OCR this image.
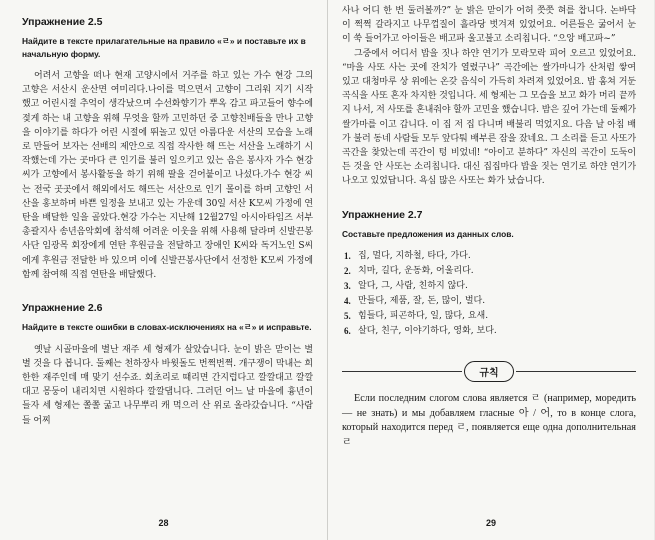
Упражнение 2.5

Найдите в тексте прилагательные на правило «ㄹ» и поставьте их в начальную форму.

어려서 고향을 떠나 현재 고양시에서 거주를 하고 있는 가수 현강 그의 고향은 서산시 운산면 여미리다.나이를 먹으면서 고향이 그리워 지기 시작했고 어린시절 추억이 생각났으며 수선화향기가 뿌옥 감고 파고들어 향수에 젖게 하는 내 고향을 위해 무엇을 할까 고민하던 중 고향친배들을 만나 고향을 이야기를 하다가 어린 시절에 뛰놀고 있던 아름다운 서산의 모습을 노래로 만들어 보자는 선배의 제안으로 직접 작사한 해 뜨는 서산을 노래하기 시작했는데 가는 곳마다 큰 인기를 불러 일으키고 있는 음은 봉사자 가수 현강 씨가 고향에서 봉사활동을 하기 위해 팔을 걷어붙이고 나섰다.가수 현강 씨는 전국 곳곳에서 해외에서도 해뜨는 서산으로 인기 몰이를 하며 고향인 서산을 홍보하며 바쁜 일정을 보내고 있는 가운데 30일 서산 K모씨 가정에 연탄을 배달한 일을 골았다.현강 가수는 지난해 12월27일 아시아타임즈 서부총괄지사 송년음악회에 참석해 어려운 이웃을 위해 사용해 달라며 신발끈봉사단 임광목 회장에게 연탄 후원금을 전달하고 장애인 K씨와 독거노인 S씨에게 후원금 전달한 바 있으며 이에 신발끈봉사단에서 선정한 K모씨 가정에 함께 참여해 직접 연탄을 배달했다.

Упражнение 2.6

Найдите в тексте ошибки в словах-исключениях на «ㄹ» и исправьте.

옛날 시골마을에 별난 재주 세 형제가 살았습니다. 눈이 밝은 맏이는 별별 것을 다 봅니다. 둘째는 천하장사 바윗돌도 번쩍번쩍. 개구쟁이 막내는 희한한 재주인데 매 맞기 선수죠. 회초리로 때리면 간지럽다고 깔깔대고 깔깔대고 몽둥이 내리치면 시원하다 깔깔댑니다. 그러던 어느 날 마을에 흉년이 들자 세 형제는 쫄쫄 굶고 나무뿌리 캐 먹으러 산 위로 올라갔습니다. “사람들 어찌

28

사나 어디 한 번 둘러볼까?” 눈 밝은 맏이가 어허 쯧쯧 혀를 찹니다. 논바닥이 쩍쩍 갈라지고 나무껍질이 흘라당 벗겨져 있었어요. 어른들은 굶어서 눈이 쑥 들어가고 아이들은 배고파 울고불고 소리칩니다. “으앙 배고파~”

그중에서 어디서 밥을 짓나 하얀 연기가 모락모락 피어 오르고 있었어요. “마을 사또 사는 곳에 잔치가 열렸구나” 곡간에는 쌀가마니가 산처럼 쌓여 있고 대청마루 상 위에는 온갖 음식이 가득히 차려져 있었어요. 밥 훔쳐 거둔 곡식을 사또 혼자 차지한 것입니다. 세 형제는 그 모습을 보고 화가 머리 끝까지 나서, 저 사또를 혼내줘야 할까 고민을 했습니다. 밤은 깊어 가는데 둘째가 쌀가마를 이고 갑니다. 이 집 저 집 다니며 배불리 먹었지요. 다음 날 아침 배가 불러 동네 사람들 모두 앞다퉈 배부른 잠을 잤네요. 그 소리를 듣고 사또가 곡간을 찾았는데 곡간이 텅 비었네! “아이고 분하다” 자신의 곡간이 도둑이 든 것을 안 사또는 소리칩니다. 대신 집집마다 밥을 짓는 연기로 하얀 연기가 나오고 있었답니다. 욕심 많은 사또는 화가 났습니다.

Упражнение 2.7

Составьте предложения из данных слов.

1. 집, 멀다, 지하철, 타다, 가다.
2. 치마, 길다, 운동화, 어울리다.
3. 알다, 그, 사람, 친하지 않다.
4. 만들다, 제품, 잘, 돈, 많이, 벌다.
5. 힘들다, 피곤하다, 일, 많다, 요새.
6. 살다, 친구, 이야기하다, 영화, 보다.
규칙

Если последним слогом слова является ㄹ (например, моредить — не знать) и мы добавляем гласные 아 / 어, то в конце слога, который находится перед ㄹ, появляется еще одна дополнительная ㄹ

29
